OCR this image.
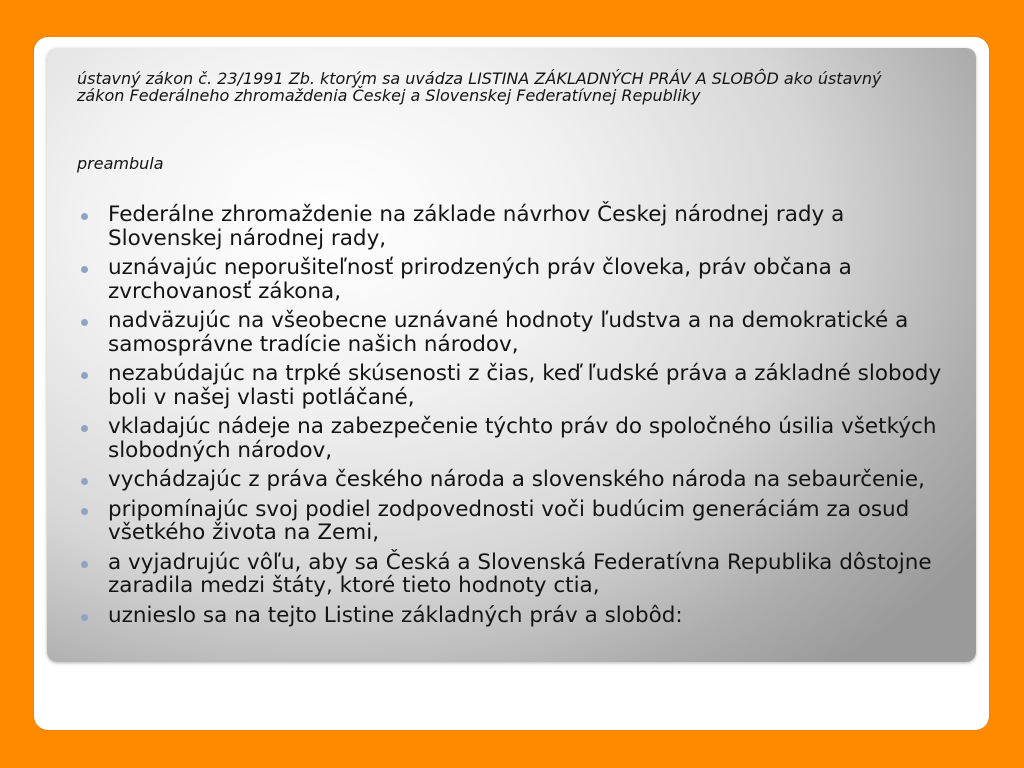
ústavný zákon č. 23/1991 Zb. ktorým sa uvádza LISTINA ZÁKLADNÝCH PRÁV A SLOBÔD ako ústavný zákon Federálneho zhromaždenia Českej a Slovenskej Federatívnej Republiky

preambula

Federálne zhromaždenie na základe návrhov Českej národnej rady a Slovenskej národnej rady,
uznávajúc neporušiteľnosť prirodzených práv človeka, práv občana a zvrchovanosť zákona,
nadväzujúc na všeobecne uznávané hodnoty ľudstva a na demokratické a samosprávne tradície našich národov,
nezabúdajúc na trpké skúsenosti z čias, keď ľudské práva a základné slobody boli v našej vlasti potláčané,
vkladajúc nádeje na zabezpečenie týchto práv do spoločného úsilia všetkých slobodných národov,
vychádzajúc z práva českého národa a slovenského národa na sebaurčenie,
pripomínajúc svoj podiel zodpovednosti voči budúcim generáciám za osud všetkého života na Zemi,
a vyjadrujúc vôľu, aby sa Česká a Slovenská Federatívna Republika dôstojne zaradila medzi štáty, ktoré tieto hodnoty ctia,
uznieslo sa na tejto Listine základných práv a slobôd:
